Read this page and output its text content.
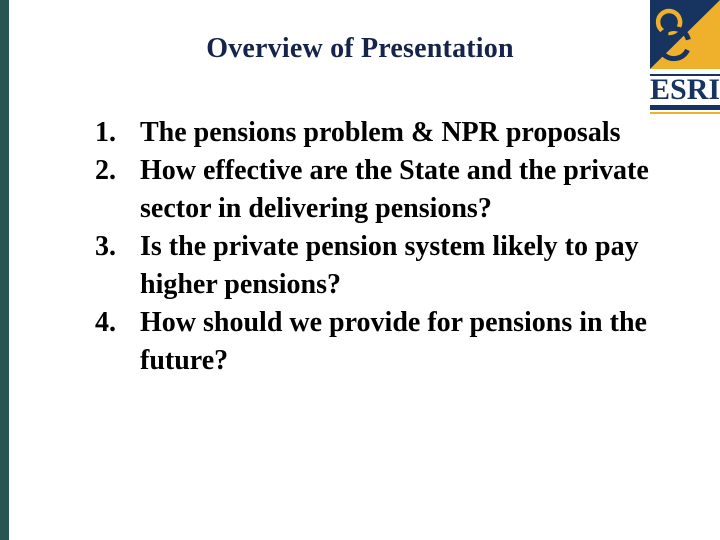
Overview of Presentation
1. The pensions problem & NPR proposals
2. How effective are the State and the private
sector in delivering pensions?
3. Is the private pension system likely to pay
higher pensions?
4. How should we provide for pensions in the
future?
ESRI
